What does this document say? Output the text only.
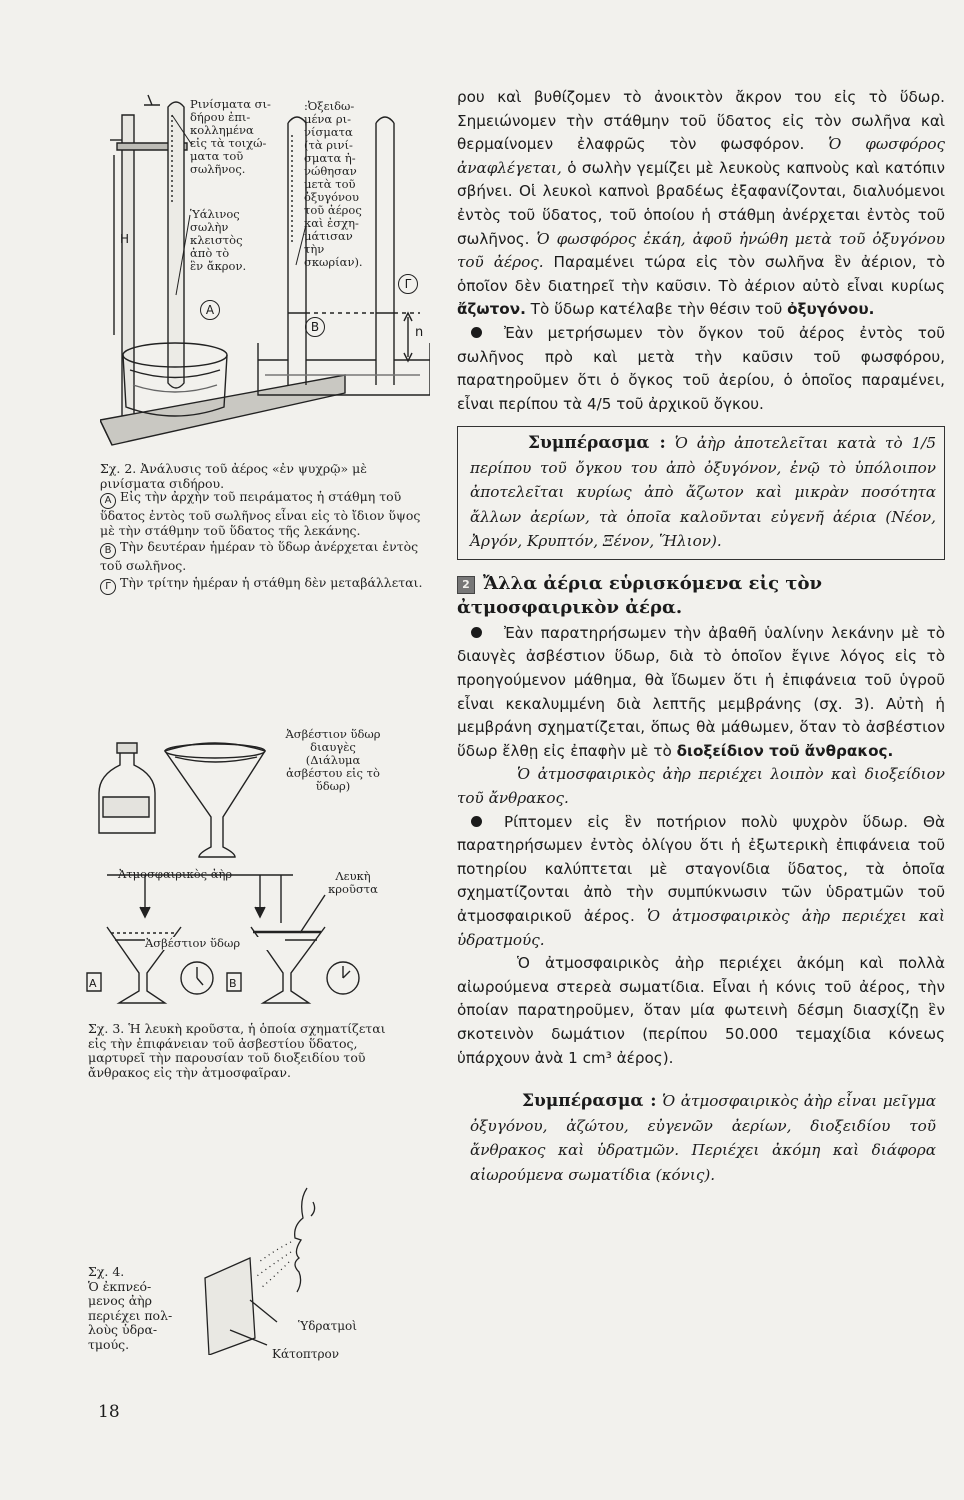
Ρινίσματα σι-
δήρου ἐπι-
κολλημένα
εἰς τὰ τοιχώ-
ματα τοῦ
σωλῆνος.
Ὑάλινος
σωλὴν
κλειστὸς
ἀπὸ τὸ
ἓν ἄκρον.
:Ὀξειδω-
μένα ρι-
νίσματα
(τὰ ρινί-
σματα ἠ-
νώθησαν
μετὰ τοῦ
ὀξυγόνου
τοῦ ἀέρος
καὶ ἐσχη-
μάτισαν
τὴν
σκωρίαν).
Η
Α
Β
Γ
n
Σχ. 2. Ἀνάλυσις τοῦ ἀέρος «ἐν ψυχρῷ» μὲ ρινίσματα σιδήρου.
Α Εἰς τὴν ἀρχὴν τοῦ πειράματος ἡ στάθμη τοῦ ὕδατος ἐντὸς τοῦ σωλῆνος εἶναι εἰς τὸ ἴδιον ὕψος μὲ τὴν στάθμην τοῦ ὕδατος τῆς λεκάνης.
Β Τὴν δευτέραν ἡμέραν τὸ ὕδωρ ἀνέρχεται ἐντὸς τοῦ σωλῆνος.
Γ Τὴν τρίτην ἡμέραν ἡ στάθμη δὲν μεταβάλλεται.
Ἀσβέστιον ὕδωρ
διαυγὲς
(Διάλυμα
ἀσβέστου εἰς τὸ
ὕδωρ)
Ἀτμοσφαιρικὸς ἀὴρ	Λευκὴ
κροῦστα
Ἀσβέστιον ὕδωρ
Α	Β
Σχ. 3. Ἡ λευκὴ κροῦστα, ἡ ὁποία σχηματίζεται εἰς τὴν ἐπιφάνειαν τοῦ ἀσβεστίου ὕδατος, μαρτυρεῖ τὴν παρουσίαν τοῦ διοξειδίου τοῦ ἄνθρακος εἰς τὴν ἀτμοσφαῖραν.
Σχ. 4.
Ὁ ἐκπνεό-
μενος ἀὴρ
περιέχει πολ-
λοὺς ὑδρα-
τμούς.
Ὑδρατμοὶ
Κάτοπτρον
18

ρου καὶ βυθίζομεν τὸ ἀνοικτὸν ἄκρον του εἰς τὸ ὕδωρ. Σημειώνομεν τὴν στάθμην τοῦ ὕδατος εἰς τὸν σωλῆνα καὶ θερμαίνομεν ἐλαφρῶς τὸν φωσφόρον. Ὁ φωσφόρος ἀναφλέγεται, ὁ σωλὴν γεμίζει μὲ λευκοὺς καπνοὺς καὶ κατόπιν σβήνει. Οἱ λευκοὶ καπνοὶ βραδέως ἐξαφανίζονται, διαλυόμενοι ἐντὸς τοῦ ὕδατος, τοῦ ὁποίου ἡ στάθμη ἀνέρχεται ἐντὸς τοῦ σωλῆνος. Ὁ φωσφόρος ἐκάη, ἀφοῦ ἠνώθη μετὰ τοῦ ὀξυγόνου τοῦ ἀέρος. Παραμένει τώρα εἰς τὸν σωλῆνα ἓν ἀέριον, τὸ ὁποῖον δὲν διατηρεῖ τὴν καῦσιν. Τὸ ἀέριον αὐτὸ εἶναι κυρίως ἄζωτον. Τὸ ὕδωρ κατέλαβε τὴν θέσιν τοῦ ὀξυγόνου.

Ἐὰν μετρήσωμεν τὸν ὄγκον τοῦ ἀέρος ἐντὸς τοῦ σωλῆνος πρὸ καὶ μετὰ τὴν καῦσιν τοῦ φωσφόρου, παρατηροῦμεν ὅτι ὁ ὄγκος τοῦ ἀερίου, ὁ ὁποῖος παραμένει, εἶναι περίπου τὰ 4/5 τοῦ ἀρχικοῦ ὄγκου.

Συμπέρασμα : Ὁ ἀὴρ ἀποτελεῖται κατὰ τὸ 1/5 περίπου τοῦ ὄγκου του ἀπὸ ὀξυγόνον, ἐνῷ τὸ ὑπόλοιπον ἀποτελεῖται κυρίως ἀπὸ ἄζωτον καὶ μικρὰν ποσότητα ἄλλων ἀερίων, τὰ ὁποῖα καλοῦνται εὐγενῆ ἀέρια (Νέον, Ἀργόν, Κρυπτόν, Ξένον, Ἥλιον).

2 Ἄλλα ἀέρια εὑρισκόμενα εἰς τὸν ἀτμοσφαιρικὸν ἀέρα.

Ἐὰν παρατηρήσωμεν τὴν ἀβαθῆ ὑαλίνην λεκάνην μὲ τὸ διαυγὲς ἀσβέστιον ὕδωρ, διὰ τὸ ὁποῖον ἔγινε λόγος εἰς τὸ προηγούμενον μάθημα, θὰ ἴδωμεν ὅτι ἡ ἐπιφάνεια τοῦ ὑγροῦ εἶναι κεκαλυμμένη διὰ λεπτῆς μεμβράνης (σχ. 3). Αὐτὴ ἡ μεμβράνη σχηματίζεται, ὅπως θὰ μάθωμεν, ὅταν τὸ ἀσβέστιον ὕδωρ ἔλθῃ εἰς ἐπαφὴν μὲ τὸ διοξείδιον τοῦ ἄνθρακος.

Ὁ ἀτμοσφαιρικὸς ἀὴρ περιέχει λοιπὸν καὶ διοξείδιον τοῦ ἄνθρακος.

Ρίπτομεν εἰς ἓν ποτήριον πολὺ ψυχρὸν ὕδωρ. Θὰ παρατηρήσωμεν ἐντὸς ὀλίγου ὅτι ἡ ἐξωτερικὴ ἐπιφάνεια τοῦ ποτηρίου καλύπτεται μὲ σταγονίδια ὕδατος, τὰ ὁποῖα σχηματίζονται ἀπὸ τὴν συμπύκνωσιν τῶν ὑδρατμῶν τοῦ ἀτμοσφαιρικοῦ ἀέρος. Ὁ ἀτμοσφαιρικὸς ἀὴρ περιέχει καὶ ὑδρατμούς.

Ὁ ἀτμοσφαιρικὸς ἀὴρ περιέχει ἀκόμη καὶ πολλὰ αἰωρούμενα στερεὰ σωματίδια. Εἶναι ἡ κόνις τοῦ ἀέρος, τὴν ὁποίαν παρατηροῦμεν, ὅταν μία φωτεινὴ δέσμη διασχίζῃ ἓν σκοτεινὸν δωμάτιον (περίπου 50.000 τεμαχίδια κόνεως ὑπάρχουν ἀνὰ 1 cm³ ἀέρος).

Συμπέρασμα : Ὁ ἀτμοσφαιρικὸς ἀὴρ εἶναι μεῖγμα ὀξυγόνου, ἀζώτου, εὐγενῶν ἀερίων, διοξειδίου τοῦ ἄνθρακος καὶ ὑδρατμῶν. Περιέχει ἀκόμη καὶ διάφορα αἰωρούμενα σωματίδια (κόνις).
